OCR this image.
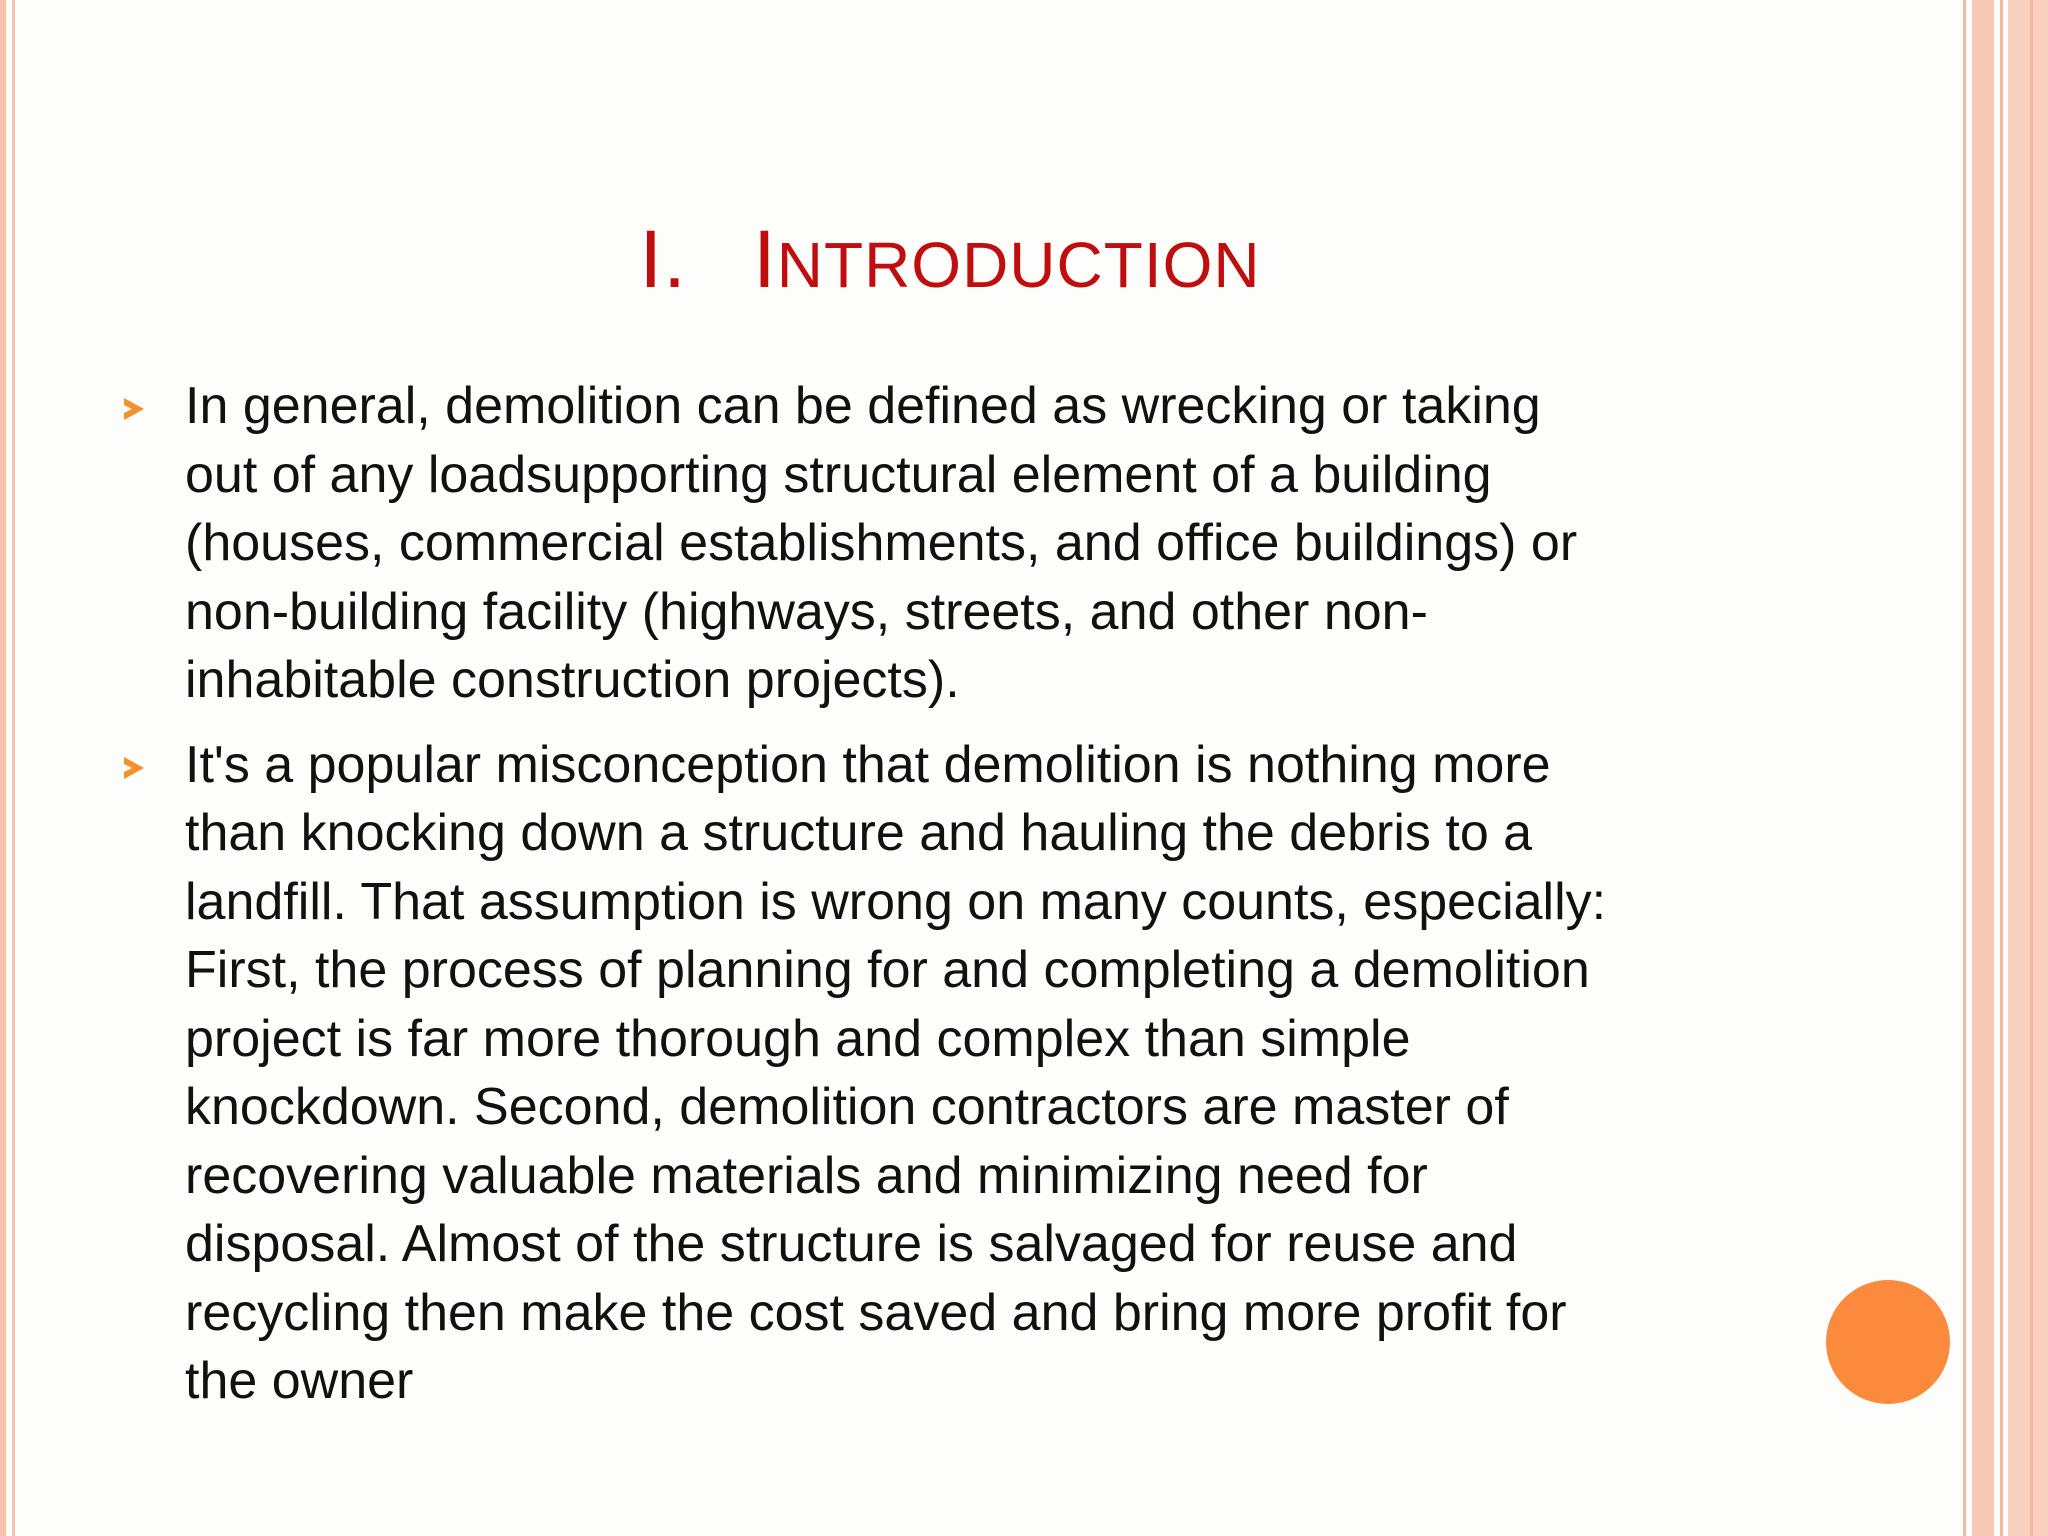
I. INTRODUCTION
In general, demolition can be defined as wrecking or taking
out of any loadsupporting structural element of a building
(houses, commercial establishments, and office buildings) or
non-building facility (highways, streets, and other non-
inhabitable construction projects).
It's a popular misconception that demolition is nothing more
than knocking down a structure and hauling the debris to a
landfill. That assumption is wrong on many counts, especially:
First, the process of planning for and completing a demolition
project is far more thorough and complex than simple
knockdown. Second, demolition contractors are master of
recovering valuable materials and minimizing need for
disposal. Almost of the structure is salvaged for reuse and
recycling then make the cost saved and bring more profit for
the owner
